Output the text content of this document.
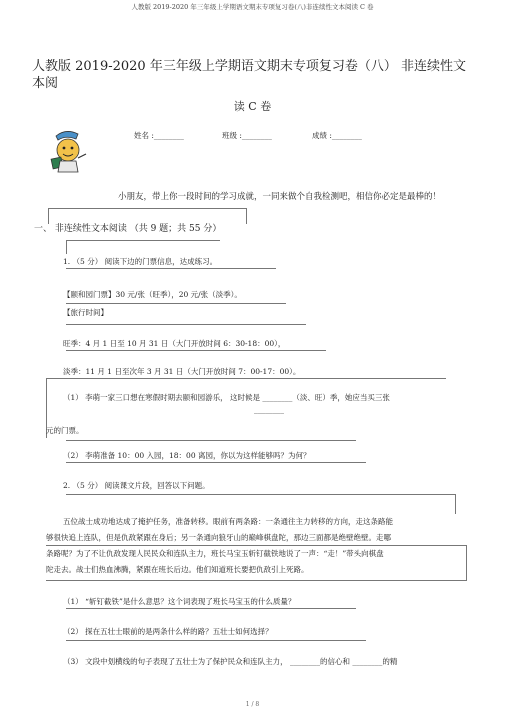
人教版 2019-2020 年三年级上学期语文期末专项复习卷(八)非连续性文本阅读 C 卷
人教版 2019-2020 年三年级上学期语文期末专项复习卷（八） 非连续性文本阅
读 C 卷
姓名 :________	班级 :________	成绩 :________
小朋友，带上你一段时间的学习成就，一同来做个自我检测吧，相信你必定是最棒的！
一、 非连续性文本阅读 （共 9 题；共 55 分）
1. （5 分） 阅读下边的门票信息，达成练习。
【颐和园门票】30 元/张（旺季），20 元/张（淡季）。
【旅行时间】
旺季：4 月 1 日至 10 月 31 日（大门开放时间 6：30-18：00），
淡季：11 月 1 日至次年 3 月 31 日（大门开放时间 7：00-17：00）。
（1） 李萌一家三口想在寒假时期去颐和园游乐， 这时候是 ________（淡、旺）季，她应当买三张
________
元的门票。
（2） 李萌准备 10：00 入园，18：00 离园，你以为这样能够吗？为何？
2. （5 分） 阅读课文片段，回答以下问题。
五位战士成功地达成了掩护任务，准备转移。眼前有两条路：一条通往主力转移的方向，走这条路能
够很快追上连队，但是仇敌紧跟在身后；另一条通向狼牙山的巅峰棋盘陀，那边三面都是绝壁绝壁。走哪
条路呢？为了不让仇敌发现人民民众和连队主力，班长马宝玉斩钉截铁地说了一声：“走！”带头向棋盘
陀走去。战士们热血沸腾，紧跟在班长后边。他们知道班长要把仇敌引上死路。
（1） “斩钉截铁”是什么意思？这个词表现了班长马宝玉的什么质量？
（2） 探在五壮士眼前的是两条什么样的路？五壮士如何选择？
（3） 文段中划横线的句子表现了五壮士为了保护民众和连队主力， ________的信心和 ________的精
1 / 8
